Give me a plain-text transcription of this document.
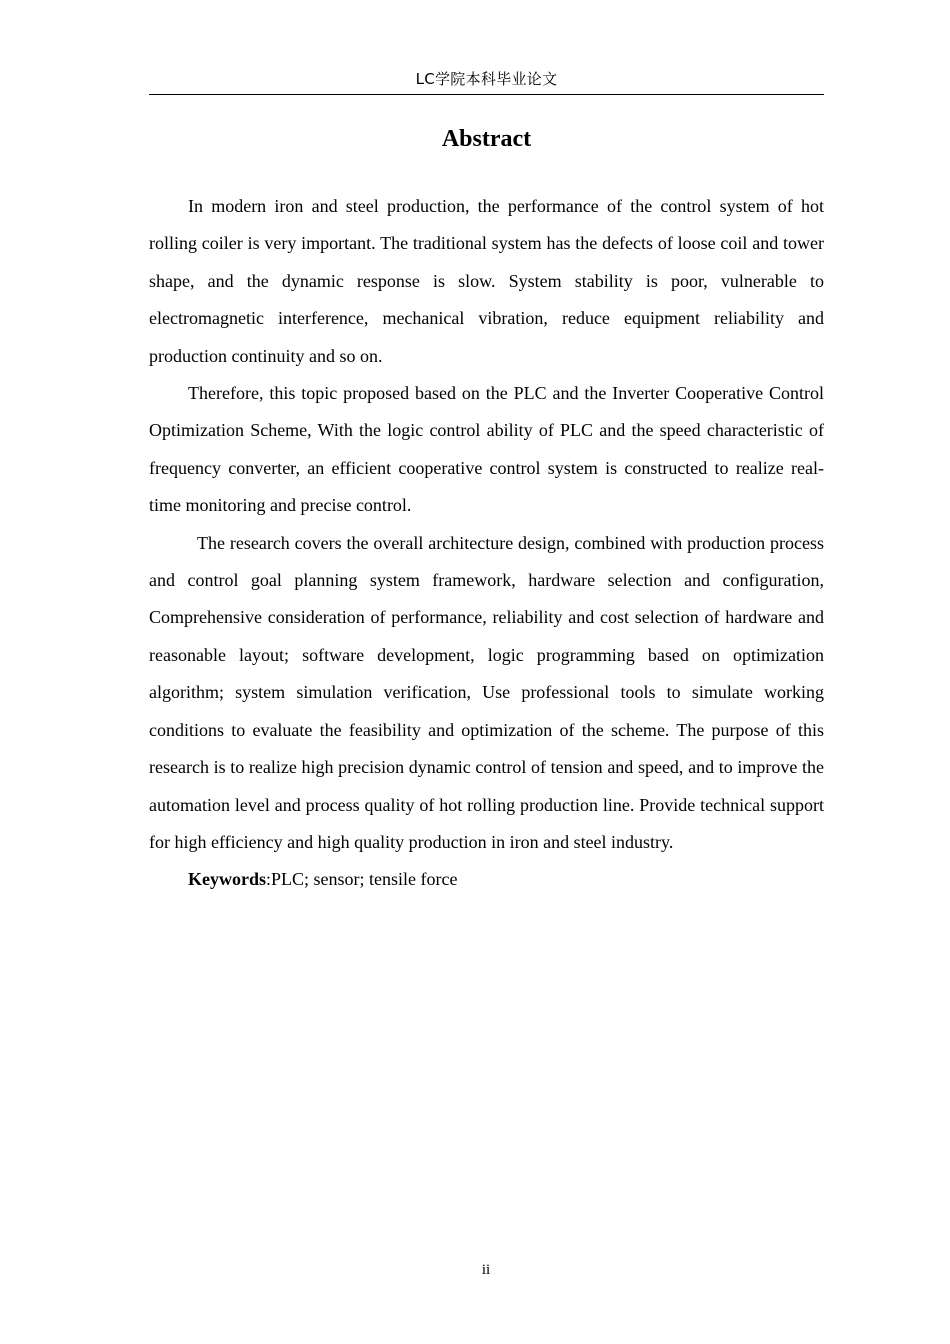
LC学院本科毕业论文
Abstract

In modern iron and steel production, the performance of the control system of hot rolling coiler is very important. The traditional system has the defects of loose coil and tower shape, and the dynamic response is slow. System stability is poor, vulnerable to electromagnetic interference, mechanical vibration, reduce equipment reliability and production continuity and so on.

Therefore, this topic proposed based on the PLC and the Inverter Cooperative Control Optimization Scheme, With the logic control ability of PLC and the speed characteristic of frequency converter, an efficient cooperative control system is constructed to realize real-time monitoring and precise control.

The research covers the overall architecture design, combined with production process and control goal planning system framework, hardware selection and configuration, Comprehensive consideration of performance, reliability and cost selection of hardware and reasonable layout; software development, logic programming based on optimization algorithm; system simulation verification, Use professional tools to simulate working conditions to evaluate the feasibility and optimization of the scheme. The purpose of this research is to realize high precision dynamic control of tension and speed, and to improve the automation level and process quality of hot rolling production line. Provide technical support for high efficiency and high quality production in iron and steel industry.

Keywords:PLC; sensor; tensile force

ii
